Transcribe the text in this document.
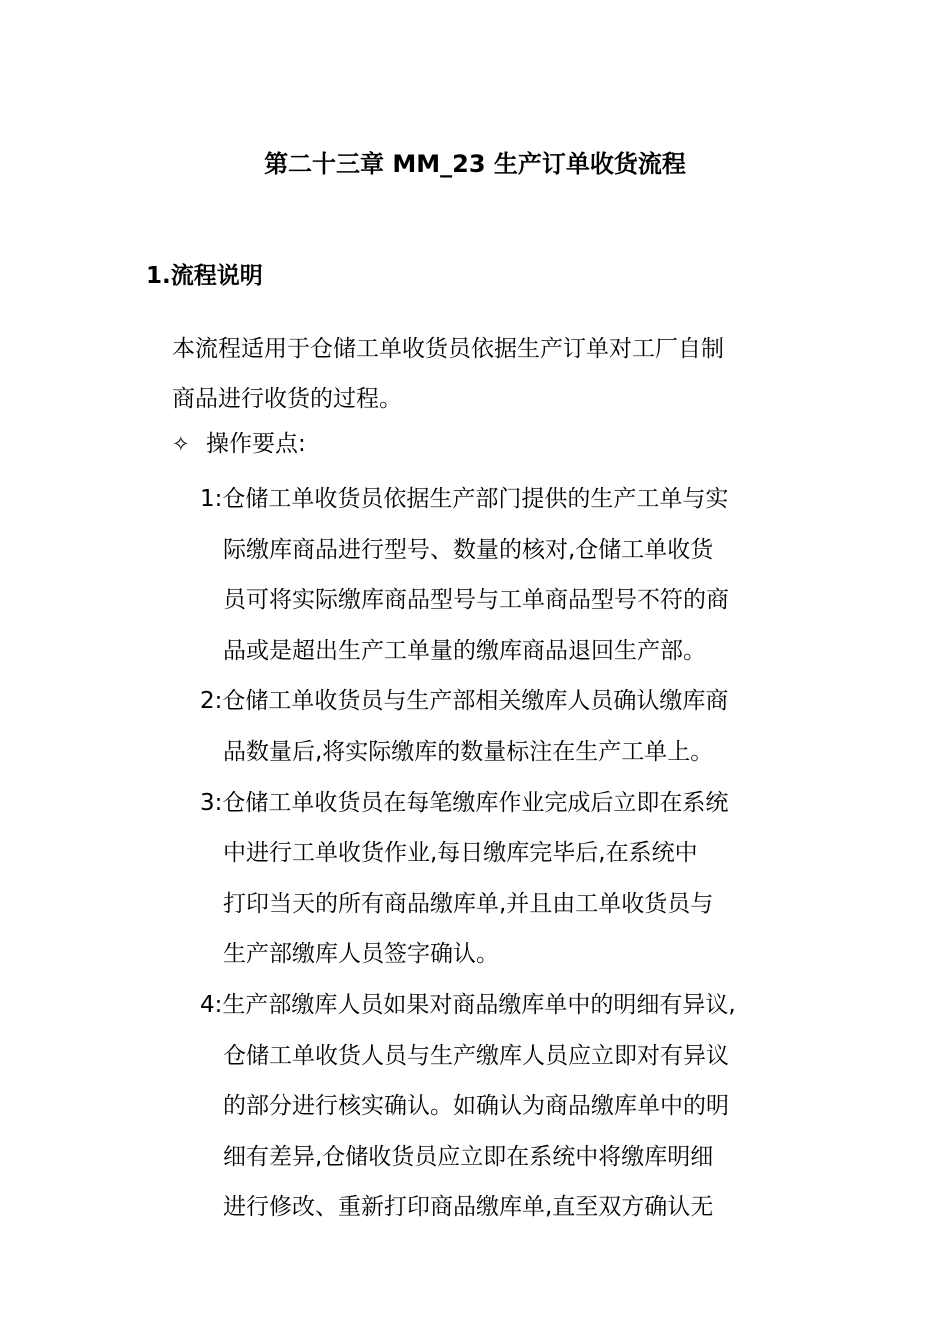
第二十三章 MM_23 生产订单收货流程
1.流程说明
本流程适用于仓储工单收货员依据生产订单对工厂自制
商品进行收货的过程。
✧ 操作要点:
1:仓储工单收货员依据生产部门提供的生产工单与实
际缴库商品进行型号、数量的核对,仓储工单收货
员可将实际缴库商品型号与工单商品型号不符的商
品或是超出生产工单量的缴库商品退回生产部。
2:仓储工单收货员与生产部相关缴库人员确认缴库商
品数量后,将实际缴库的数量标注在生产工单上。
3:仓储工单收货员在每笔缴库作业完成后立即在系统
中进行工单收货作业,每日缴库完毕后,在系统中
打印当天的所有商品缴库单,并且由工单收货员与
生产部缴库人员签字确认。
4:生产部缴库人员如果对商品缴库单中的明细有异议,
仓储工单收货人员与生产缴库人员应立即对有异议
的部分进行核实确认。如确认为商品缴库单中的明
细有差异,仓储收货员应立即在系统中将缴库明细
进行修改、重新打印商品缴库单,直至双方确认无
